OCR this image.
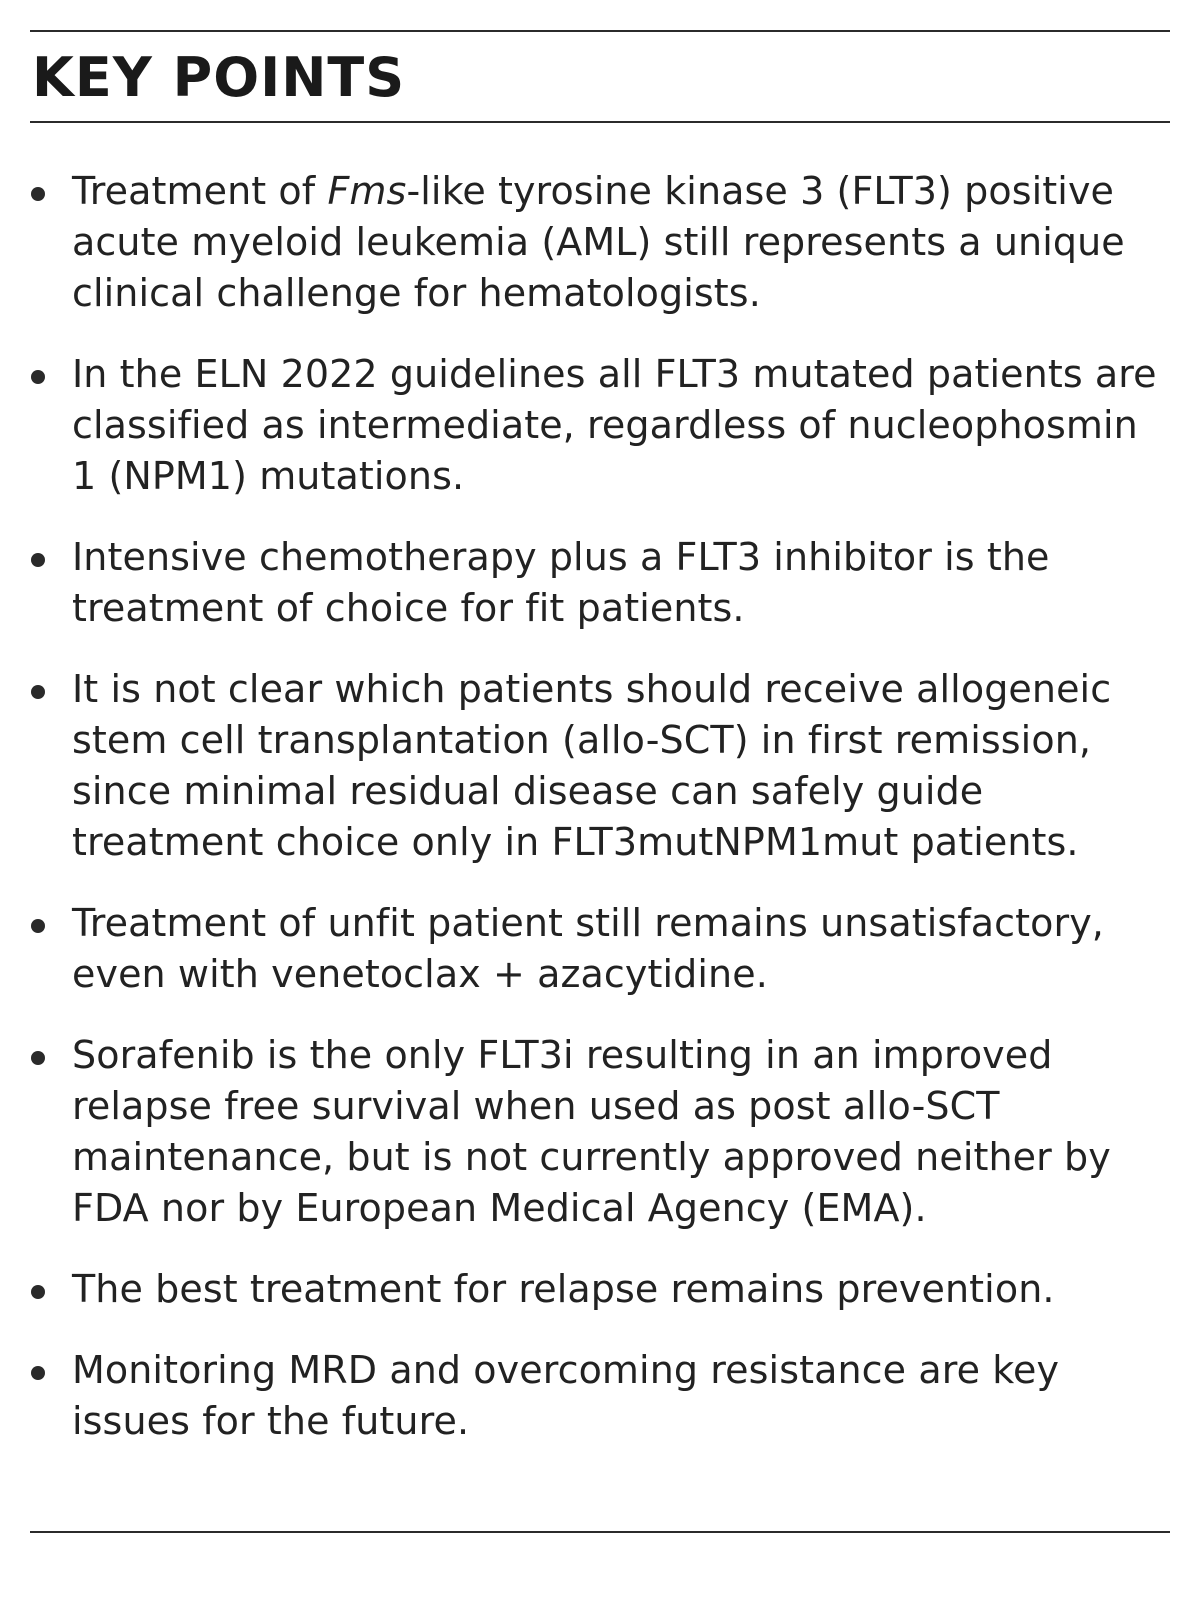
KEY POINTS
Treatment of Fms-like tyrosine kinase 3 (FLT3) positive acute myeloid leukemia (AML) still represents a unique clinical challenge for hematologists.
In the ELN 2022 guidelines all FLT3 mutated patients are classified as intermediate, regardless of nucleophosmin 1 (NPM1) mutations.
Intensive chemotherapy plus a FLT3 inhibitor is the treatment of choice for fit patients.
It is not clear which patients should receive allogeneic stem cell transplantation (allo-SCT) in first remission, since minimal residual disease can safely guide treatment choice only in FLT3mutNPM1mut patients.
Treatment of unfit patient still remains unsatisfactory, even with venetoclax + azacytidine.
Sorafenib is the only FLT3i resulting in an improved relapse free survival when used as post allo-SCT maintenance, but is not currently approved neither by FDA nor by European Medical Agency (EMA).
The best treatment for relapse remains prevention.
Monitoring MRD and overcoming resistance are key issues for the future.
